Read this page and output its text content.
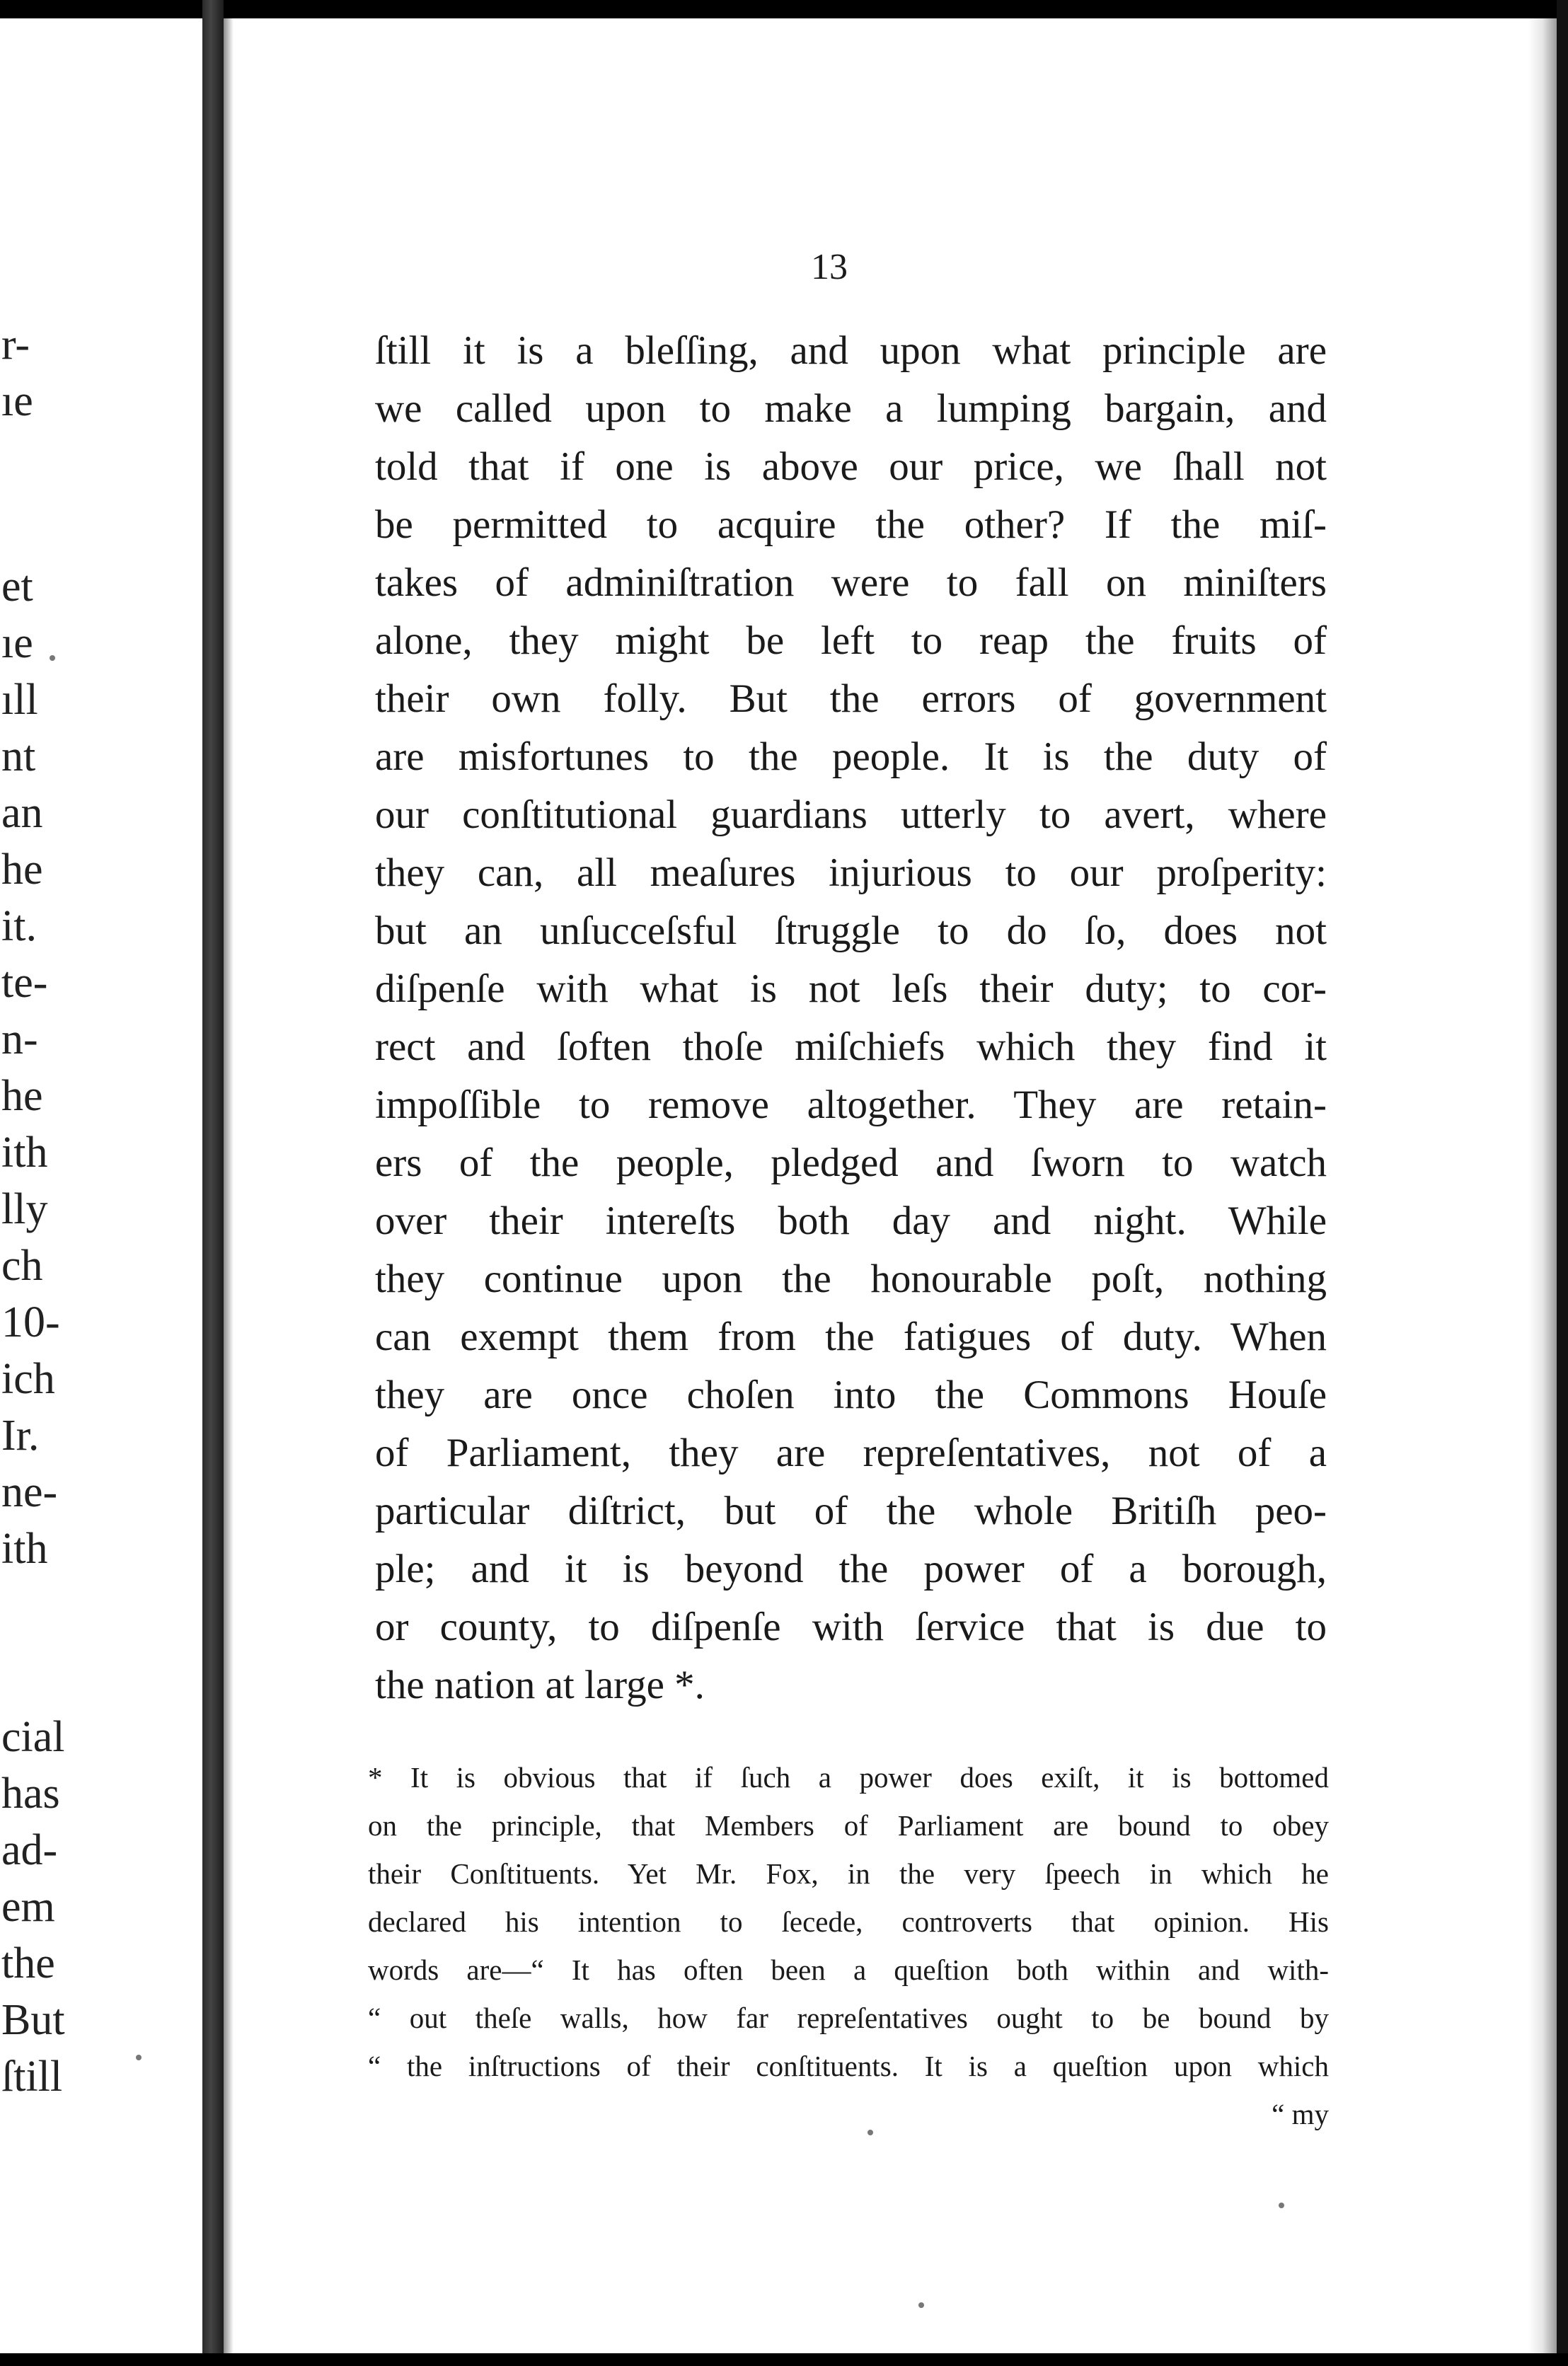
r-
ıe
et
ıe
ıll
nt
an
he
it.
te-
n-
he
ith
lly
ch
10-
ich
Ir.
ne-
ith
cial
has
ad-
em
the
But
ſtill
13
ſtill it is a bleſſing, and upon what principle are
we called upon to make a lumping bargain, and
told that if one is above our price, we ſhall not
be permitted to acquire the other? If the miſ-
takes of adminiſtration were to fall on miniſters
alone, they might be left to reap the fruits of
their own folly. But the errors of government
are misfortunes to the people. It is the duty of
our conſtitutional guardians utterly to avert, where
they can, all meaſures injurious to our proſperity:
but an unſucceſsful ſtruggle to do ſo, does not
diſpenſe with what is not leſs their duty; to cor-
rect and ſoften thoſe miſchiefs which they find it
impoſſible to remove altogether. They are retain-
ers of the people, pledged and ſworn to watch
over their intereſts both day and night. While
they continue upon the honourable poſt, nothing
can exempt them from the fatigues of duty. When
they are once choſen into the Commons Houſe
of Parliament, they are repreſentatives, not of a
particular diſtrict, but of the whole Britiſh peo-
ple; and it is beyond the power of a borough,
or county, to diſpenſe with ſervice that is due to
the nation at large *.
* It is obvious that if ſuch a power does exiſt, it is bottomed
on the principle, that Members of Parliament are bound to obey
their Conſtituents. Yet Mr. Fox, in the very ſpeech in which he
declared his intention to ſecede, controverts that opinion. His
words are—“ It has often been a queſtion both within and with-
“ out theſe walls, how far repreſentatives ought to be bound by
“ the inſtructions of their conſtituents. It is a queſtion upon which
“ my
